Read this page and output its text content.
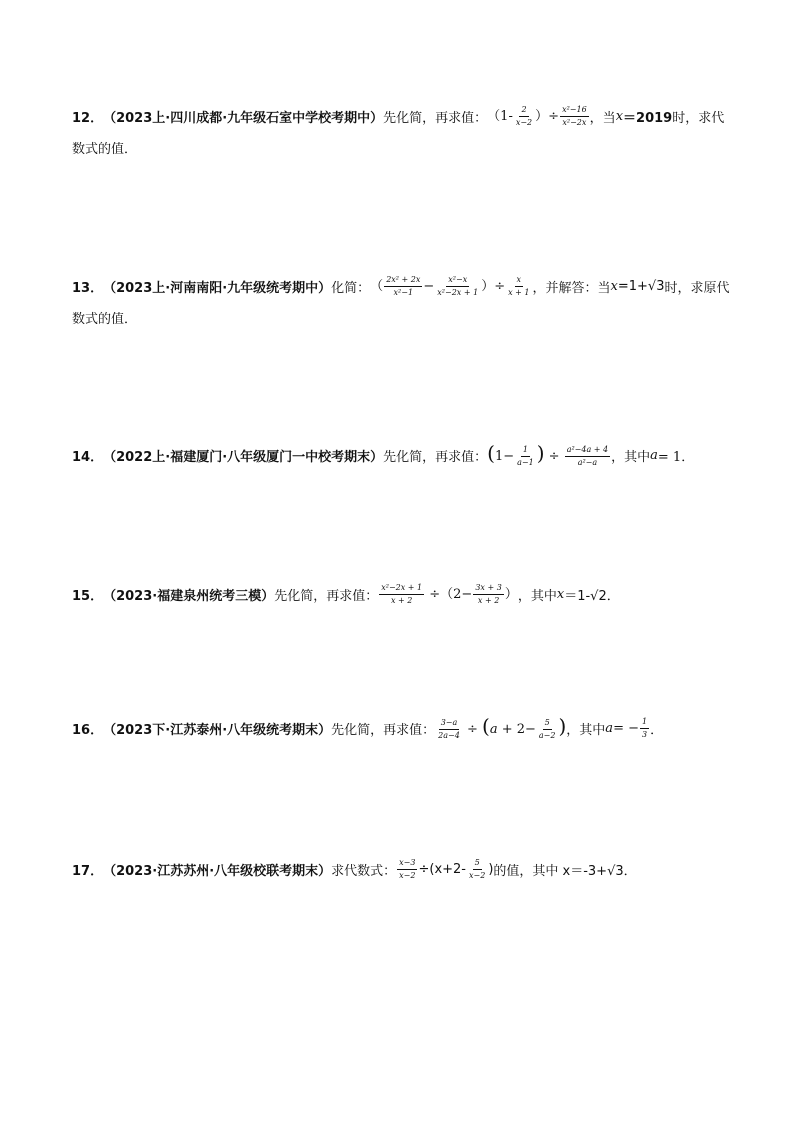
12． （2023上·四川成都·九年级石室中学校考期中） 先化简，再求值： （$1- \frac{2}{x-2}$ ）÷ $\frac{\text{x²−16}}{\text{x²−2x}}$ ，当 x ＝2019 时，求代
数式的值．
13． （2023上·河南南阳·九年级统考期中） 化简： （ $\frac{\text{2x² + 2x}}{\text{x²−1}} - \frac{\text{x²−x}}{\text{x²−2x + 1}}$ ）÷ $\frac{x}{x + 1}$ ，并解答：当 x =1+√3 时，求原代
数式的值．
14． （2022上·福建厦门·八年级厦门一中校考期末） 先化简，再求值： ($1- \frac{1}{a-1}$ ) ÷ $\frac{\text{a²−4a + 4}}{\text{a²−a}}$ ，其中 a = 1．
15． （2023·福建泉州统考三模） 先化简，再求值： $\frac{\text{x²−2x + 1}}{x + 2} \div(2- \frac{3x + 3}{x + 2}$ ） ，其中 x ＝1-√2．
16． （2023下·江苏泰州·八年级统考期末） 先化简，再求值： $\frac{3-a}{2a-4} \div (a + 2- \frac{5}{a-2}$ ) ，其中 a = − $\frac{1}{3}$ ．
17． （2023·江苏苏州·八年级校联考期末） 求代数式： $\frac{x-3}{x-2} \div(x+2- \frac{5}{x-2}$ ) 的值，其中 x＝-3+√3．
